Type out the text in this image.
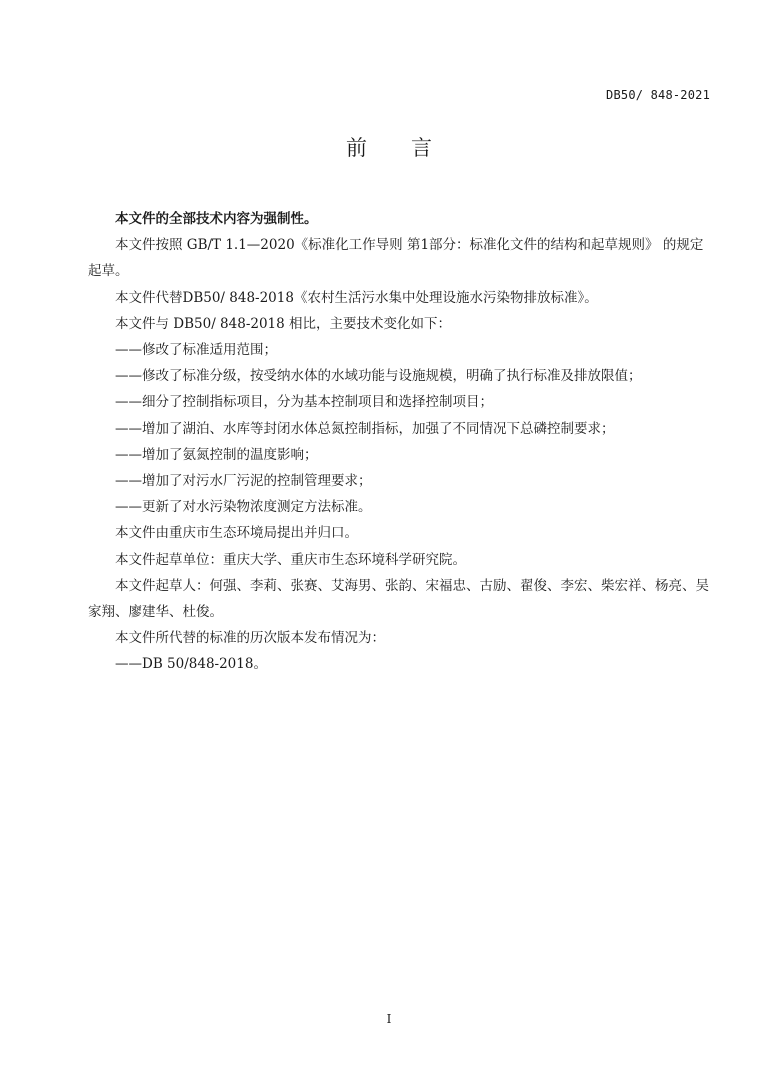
DB50/ 848-2021
前言

本文件的全部技术内容为强制性。

本文件按照 GB/T 1.1—2020《标准化工作导则 第1部分：标准化文件的结构和起草规则》 的规定起草。

本文件代替DB50/ 848-2018《农村生活污水集中处理设施水污染物排放标准》。

本文件与 DB50/ 848-2018 相比，主要技术变化如下：

——修改了标准适用范围；

——修改了标准分级，按受纳水体的水域功能与设施规模，明确了执行标准及排放限值；

——细分了控制指标项目，分为基本控制项目和选择控制项目；

——增加了湖泊、水库等封闭水体总氮控制指标，加强了不同情况下总磷控制要求；

——增加了氨氮控制的温度影响；

——增加了对污水厂污泥的控制管理要求；

——更新了对水污染物浓度测定方法标准。

本文件由重庆市生态环境局提出并归口。

本文件起草单位：重庆大学、重庆市生态环境科学研究院。

本文件起草人：何强、李莉、张赛、艾海男、张韵、宋福忠、古励、翟俊、李宏、柴宏祥、杨亮、吴家翔、廖建华、杜俊。

本文件所代替的标准的历次版本发布情况为：

——DB 50/848-2018。

I
